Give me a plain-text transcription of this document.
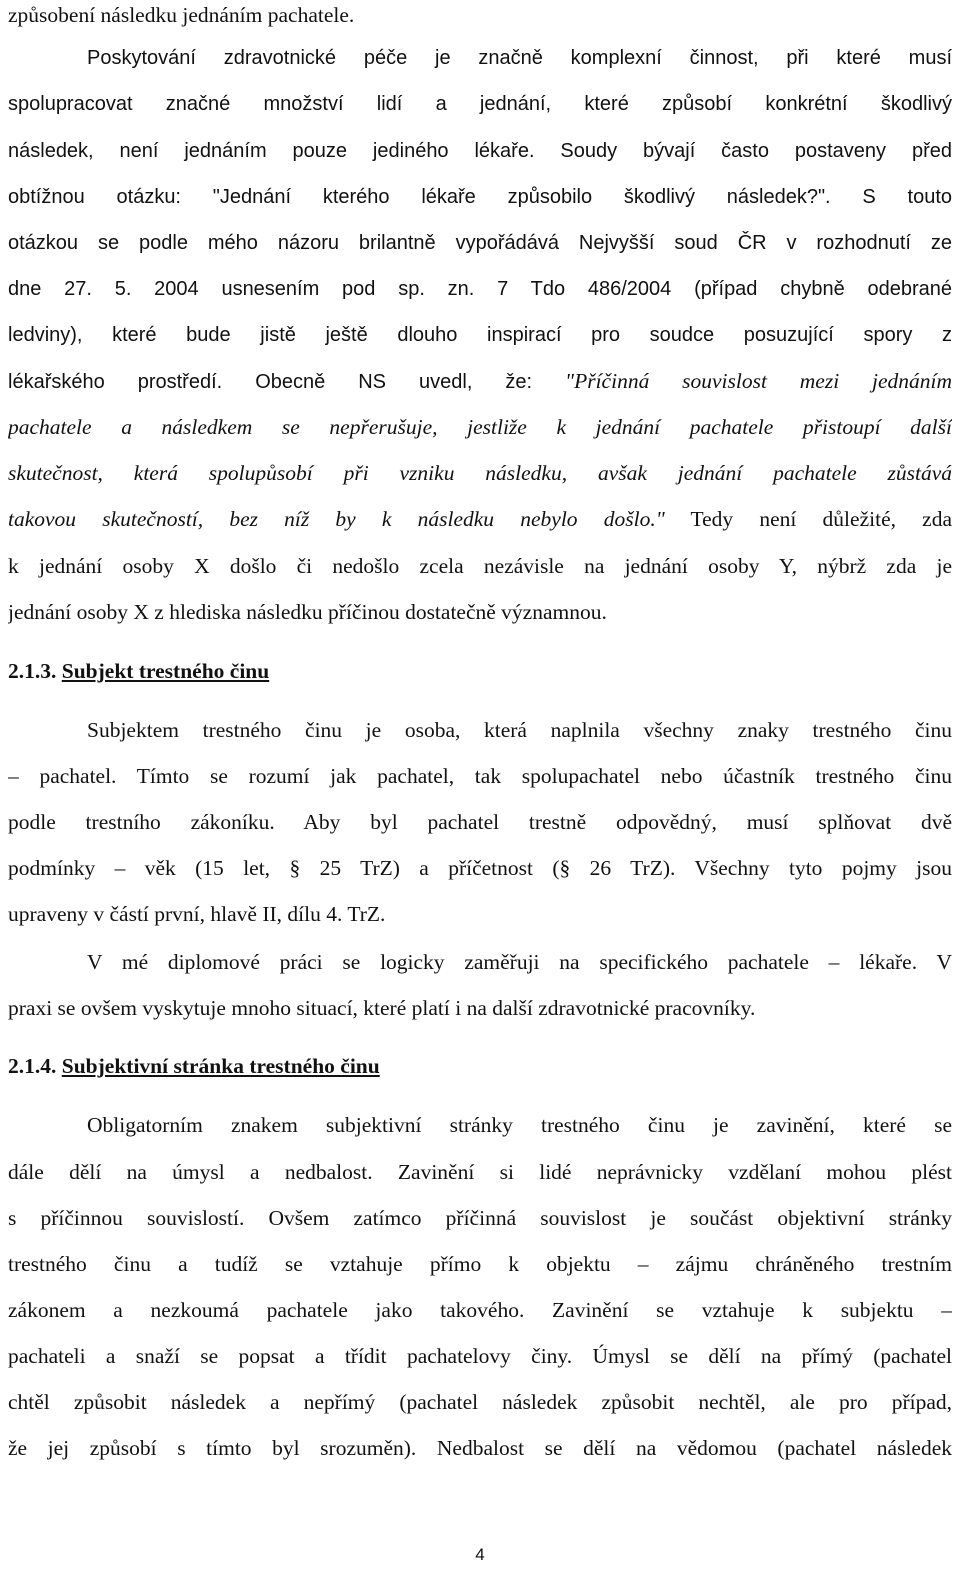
způsobení následku jednáním pachatele.
Poskytování zdravotnické péče je značně komplexní činnost, při které musí
spolupracovat značné množství lidí a jednání, které způsobí konkrétní škodlivý
následek, není jednáním pouze jediného lékaře. Soudy bývají často postaveny před
obtížnou otázku: "Jednání kterého lékaře způsobilo škodlivý následek?". S touto
otázkou se podle mého názoru brilantně vypořádává Nejvyšší soud ČR v rozhodnutí ze
dne 27. 5. 2004 usnesením pod sp. zn. 7 Tdo 486/2004 (případ chybně odebrané
ledviny), které bude jistě ještě dlouho inspirací pro soudce posuzující spory z
lékařského prostředí. Obecně NS uvedl, že: "Příčinná souvislost mezi jednáním
pachatele a následkem se nepřerušuje, jestliže k jednání pachatele přistoupí další
skutečnost, která spolupůsobí při vzniku následku, avšak jednání pachatele zůstává
takovou skutečností, bez níž by k následku nebylo došlo." Tedy není důležité, zda
k jednání osoby X došlo či nedošlo zcela nezávisle na jednání osoby Y, nýbrž zda je
jednání osoby X z hlediska následku příčinou dostatečně významnou.
2.1.3. Subjekt trestného činu
Subjektem trestného činu je osoba, která naplnila všechny znaky trestného činu
– pachatel. Tímto se rozumí jak pachatel, tak spolupachatel nebo účastník trestného činu
podle trestního zákoníku. Aby byl pachatel trestně odpovědný, musí splňovat dvě
podmínky – věk (15 let, § 25 TrZ) a příčetnost (§ 26 TrZ). Všechny tyto pojmy jsou
upraveny v částí první, hlavě II, dílu 4. TrZ.
V mé diplomové práci se logicky zaměřuji na specifického pachatele – lékaře. V
praxi se ovšem vyskytuje mnoho situací, které platí i na další zdravotnické pracovníky.
2.1.4. Subjektivní stránka trestného činu
Obligatorním znakem subjektivní stránky trestného činu je zavinění, které se
dále dělí na úmysl a nedbalost. Zavinění si lidé neprávnicky vzdělaní mohou plést
s příčinnou souvislostí. Ovšem zatímco příčinná souvislost je součást objektivní stránky
trestného činu a tudíž se vztahuje přímo k objektu – zájmu chráněného trestním
zákonem a nezkoumá pachatele jako takového. Zavinění se vztahuje k subjektu –
pachateli a snaží se popsat a třídit pachatelovy činy. Úmysl se dělí na přímý (pachatel
chtěl způsobit následek a nepřímý (pachatel následek způsobit nechtěl, ale pro případ,
že jej způsobí s tímto byl srozuměn). Nedbalost se dělí na vědomou (pachatel následek
4
